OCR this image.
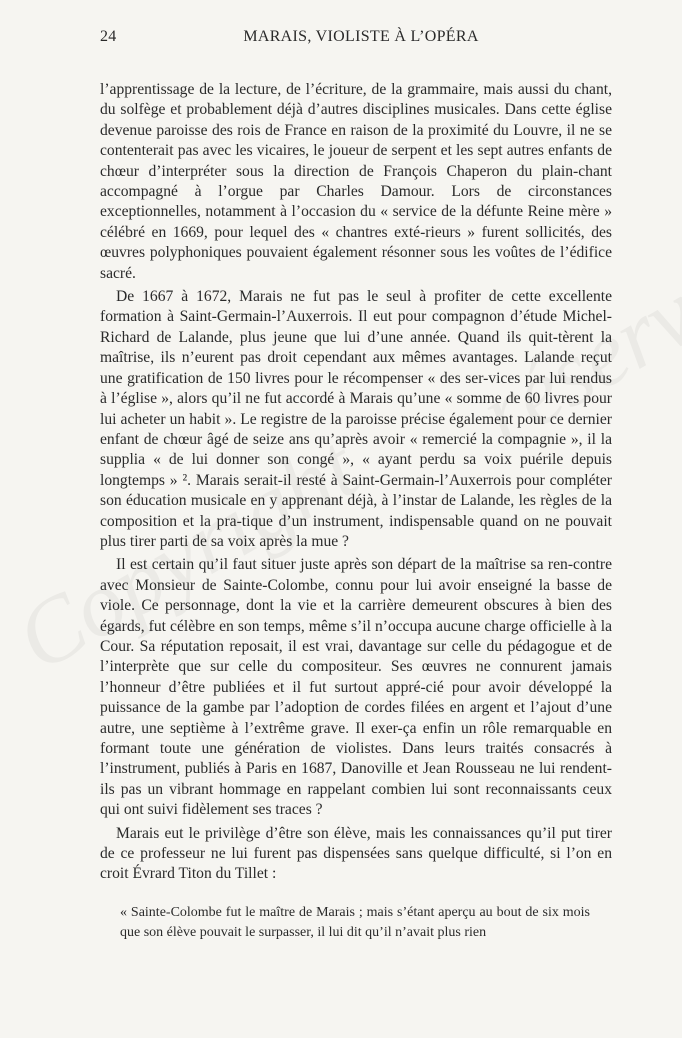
24	MARAIS, VIOLISTE À L’OPÉRA

l’apprentissage de la lecture, de l’écriture, de la grammaire, mais aussi du chant, du solfège et probablement déjà d’autres disciplines musicales. Dans cette église devenue paroisse des rois de France en raison de la proximité du Louvre, il ne se contenterait pas avec les vicaires, le joueur de serpent et les sept autres enfants de chœur d’interpréter sous la direction de François Chaperon du plain-chant accompagné à l’orgue par Charles Damour. Lors de circonstances exceptionnelles, notamment à l’occasion du « service de la défunte Reine mère » célébré en 1669, pour lequel des « chantres exté-rieurs » furent sollicités, des œuvres polyphoniques pouvaient également résonner sous les voûtes de l’édifice sacré.

De 1667 à 1672, Marais ne fut pas le seul à profiter de cette excellente formation à Saint-Germain-l’Auxerrois. Il eut pour compagnon d’étude Michel-Richard de Lalande, plus jeune que lui d’une année. Quand ils quit-tèrent la maîtrise, ils n’eurent pas droit cependant aux mêmes avantages. Lalande reçut une gratification de 150 livres pour le récompenser « des ser-vices par lui rendus à l’église », alors qu’il ne fut accordé à Marais qu’une « somme de 60 livres pour lui acheter un habit ». Le registre de la paroisse précise également pour ce dernier enfant de chœur âgé de seize ans qu’après avoir « remercié la compagnie », il la supplia « de lui donner son congé », « ayant perdu sa voix puérile depuis longtemps » ². Marais serait-il resté à Saint-Germain-l’Auxerrois pour compléter son éducation musicale en y apprenant déjà, à l’instar de Lalande, les règles de la composition et la pra-tique d’un instrument, indispensable quand on ne pouvait plus tirer parti de sa voix après la mue ?

Il est certain qu’il faut situer juste après son départ de la maîtrise sa ren-contre avec Monsieur de Sainte-Colombe, connu pour lui avoir enseigné la basse de viole. Ce personnage, dont la vie et la carrière demeurent obscures à bien des égards, fut célèbre en son temps, même s’il n’occupa aucune charge officielle à la Cour. Sa réputation reposait, il est vrai, davantage sur celle du pédagogue et de l’interprète que sur celle du compositeur. Ses œuvres ne connurent jamais l’honneur d’être publiées et il fut surtout appré-cié pour avoir développé la puissance de la gambe par l’adoption de cordes filées en argent et l’ajout d’une autre, une septième à l’extrême grave. Il exer-ça enfin un rôle remarquable en formant toute une génération de violistes. Dans leurs traités consacrés à l’instrument, publiés à Paris en 1687, Danoville et Jean Rousseau ne lui rendent-ils pas un vibrant hommage en rappelant combien lui sont reconnaissants ceux qui ont suivi fidèlement ses traces ?

Marais eut le privilège d’être son élève, mais les connaissances qu’il put tirer de ce professeur ne lui furent pas dispensées sans quelque difficulté, si l’on en croit Évrard Titon du Tillet :

« Sainte-Colombe fut le maître de Marais ; mais s’étant aperçu au bout de six mois que son élève pouvait le surpasser, il lui dit qu’il n’avait plus rien
